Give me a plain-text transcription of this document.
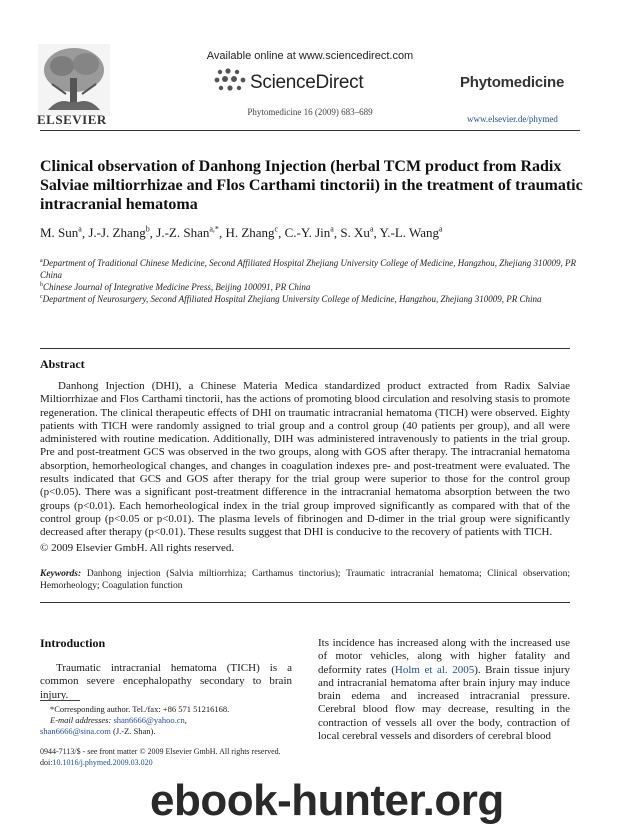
ELSEVIER
Available online at www.sciencedirect.com
ScienceDirect
Phytomedicine 16 (2009) 683–689
Phytomedicine
www.elsevier.de/phymed
Clinical observation of Danhong Injection (herbal TCM product from Radix Salviae miltiorrhizae and Flos Carthami tinctorii) in the treatment of traumatic intracranial hematoma
M. Sun$^a$, J.-J. Zhang$^b$, J.-Z. Shan$^{a,*}$, H. Zhang$^c$, C.-Y. Jin$^a$, S. Xu$^a$, Y.-L. Wang$^a$
$^a$Department of Traditional Chinese Medicine, Second Affiliated Hospital Zhejiang University College of Medicine, Hangzhou, Zhejiang 310009, PR China
$^b$Chinese Journal of Integrative Medicine Press, Beijing 100091, PR China
$^c$Department of Neurosurgery, Second Affiliated Hospital Zhejiang University College of Medicine, Hangzhou, Zhejiang 310009, PR China
Abstract

Danhong Injection (DHI), a Chinese Materia Medica standardized product extracted from Radix Salviae Miltiorrhizae and Flos Carthami tinctorii, has the actions of promoting blood circulation and resolving stasis to promote regeneration. The clinical therapeutic effects of DHI on traumatic intracranial hematoma (TICH) were observed. Eighty patients with TICH were randomly assigned to trial group and a control group (40 patients per group), and all were administered with routine medication. Additionally, DIH was administered intravenously to patients in the trial group. Pre and post-treatment GCS was observed in the two groups, along with GOS after therapy. The intracranial hematoma absorption, hemorheological changes, and changes in coagulation indexes pre- and post-treatment were evaluated. The results indicated that GCS and GOS after therapy for the trial group were superior to those for the control group (p<0.05). There was a significant post-treatment difference in the intracranial hematoma absorption between the two groups (p<0.01). Each hemorheological index in the trial group improved significantly as compared with that of the control group (p<0.05 or p<0.01). The plasma levels of fibrinogen and D-dimer in the trial group were significantly decreased after therapy (p<0.01). These results suggest that DHI is conducive to the recovery of patients with TICH.

© 2009 Elsevier GmbH. All rights reserved.
Keywords: Danhong injection (Salvia miltiorrhiza; Carthamus tinctorius); Traumatic intracranial hematoma; Clinical observation; Hemorheology; Coagulation function
Introduction
Traumatic intracranial hematoma (TICH) is a common severe encephalopathy secondary to brain injury.
Its incidence has increased along with the increased use of motor vehicles, along with higher fatality and deformity rates (Holm et al. 2005). Brain tissue injury and intracranial hematoma after brain injury may induce brain edema and increased intracranial pressure. Cerebral blood flow may decrease, resulting in the contraction of vessels all over the body, contraction of local cerebral vessels and disorders of cerebral blood
*Corresponding author. Tel./fax: +86 571 51216168.
E-mail addresses: shan6666@yahoo.cn,
shan6666@sina.com (J.-Z. Shan).
0944-7113/$ - see front matter © 2009 Elsevier GmbH. All rights reserved.
doi:10.1016/j.phymed.2009.03.020
ebook-hunter.org
